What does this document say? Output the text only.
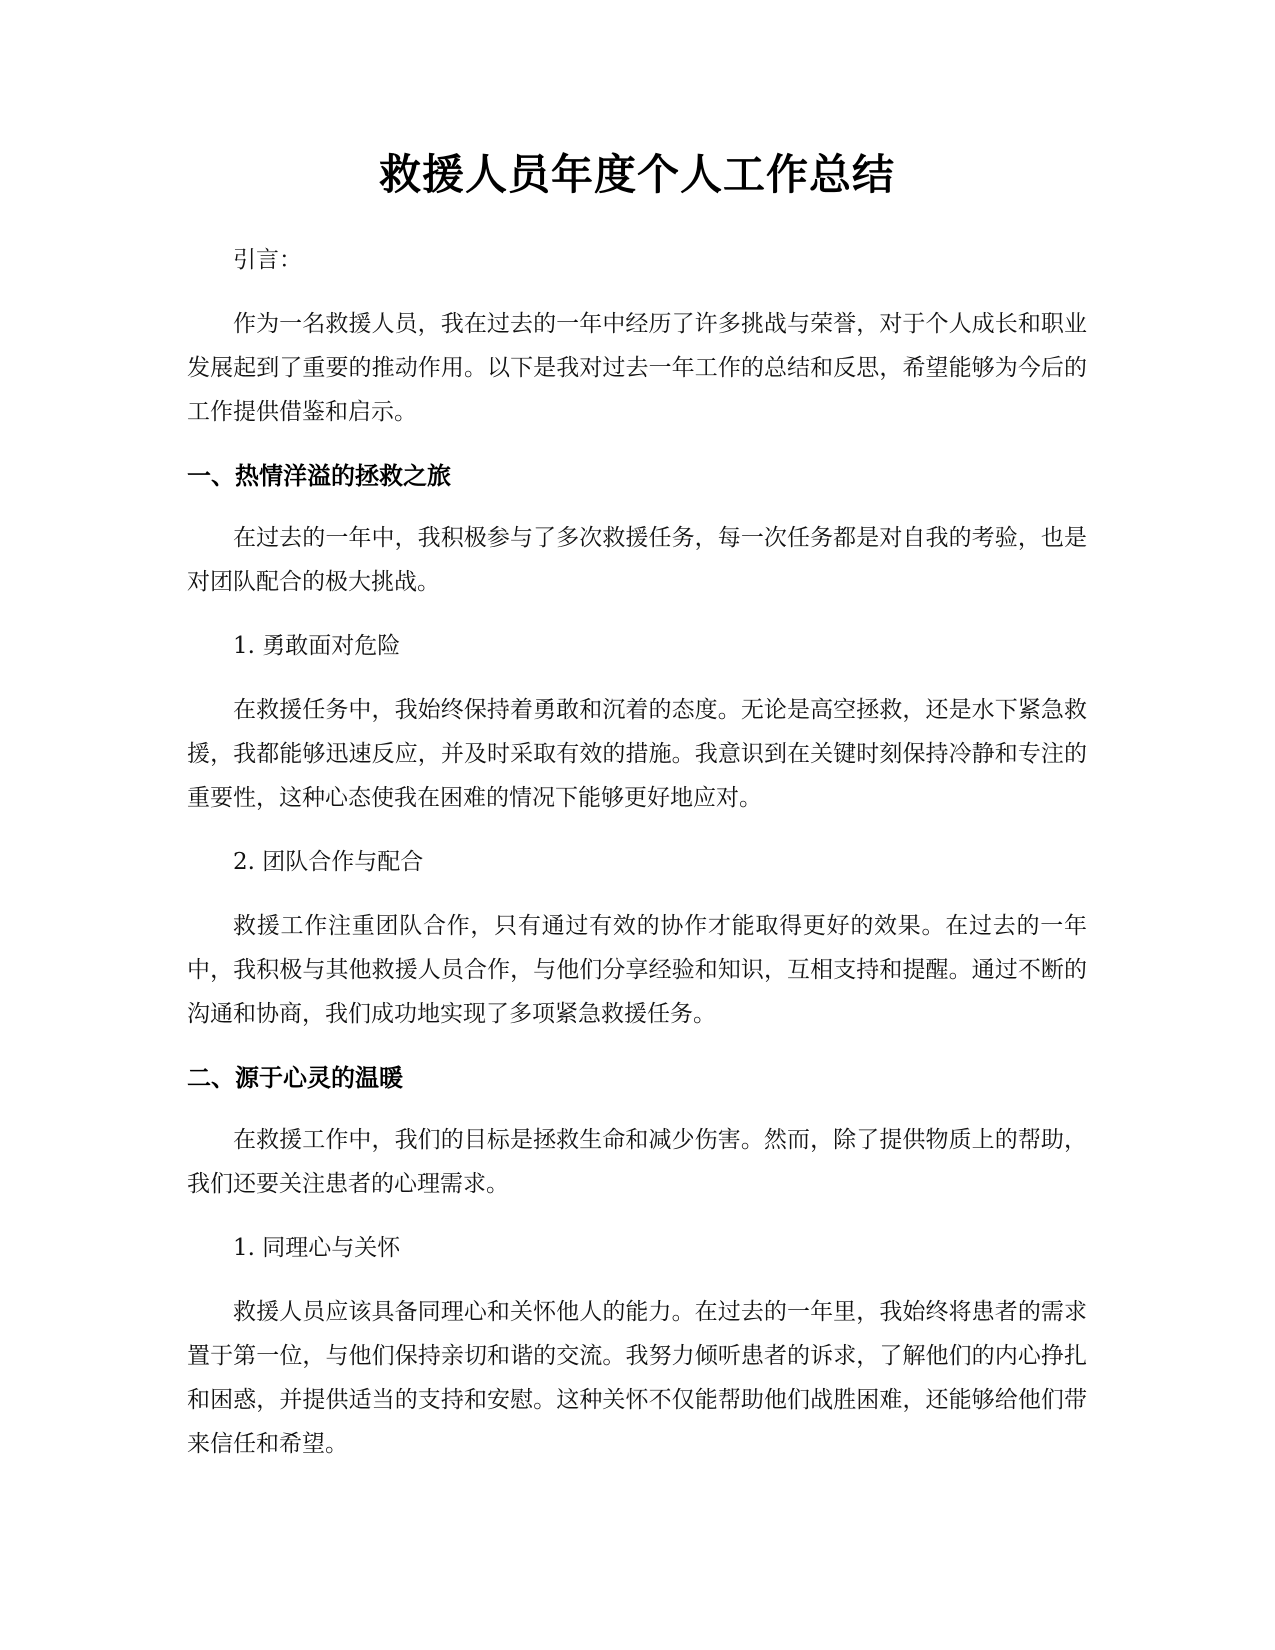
救援人员年度个人工作总结

引言：

作为一名救援人员，我在过去的一年中经历了许多挑战与荣誉，对于个人成长和职业发展起到了重要的推动作用。以下是我对过去一年工作的总结和反思，希望能够为今后的工作提供借鉴和启示。

一、热情洋溢的拯救之旅

在过去的一年中，我积极参与了多次救援任务，每一次任务都是对自我的考验，也是对团队配合的极大挑战。

1. 勇敢面对危险

在救援任务中，我始终保持着勇敢和沉着的态度。无论是高空拯救，还是水下紧急救援，我都能够迅速反应，并及时采取有效的措施。我意识到在关键时刻保持冷静和专注的重要性，这种心态使我在困难的情况下能够更好地应对。

2. 团队合作与配合

救援工作注重团队合作，只有通过有效的协作才能取得更好的效果。在过去的一年中，我积极与其他救援人员合作，与他们分享经验和知识，互相支持和提醒。通过不断的沟通和协商，我们成功地实现了多项紧急救援任务。

二、源于心灵的温暖

在救援工作中，我们的目标是拯救生命和减少伤害。然而，除了提供物质上的帮助，我们还要关注患者的心理需求。

1. 同理心与关怀

救援人员应该具备同理心和关怀他人的能力。在过去的一年里，我始终将患者的需求置于第一位，与他们保持亲切和谐的交流。我努力倾听患者的诉求，了解他们的内心挣扎和困惑，并提供适当的支持和安慰。这种关怀不仅能帮助他们战胜困难，还能够给他们带来信任和希望。
